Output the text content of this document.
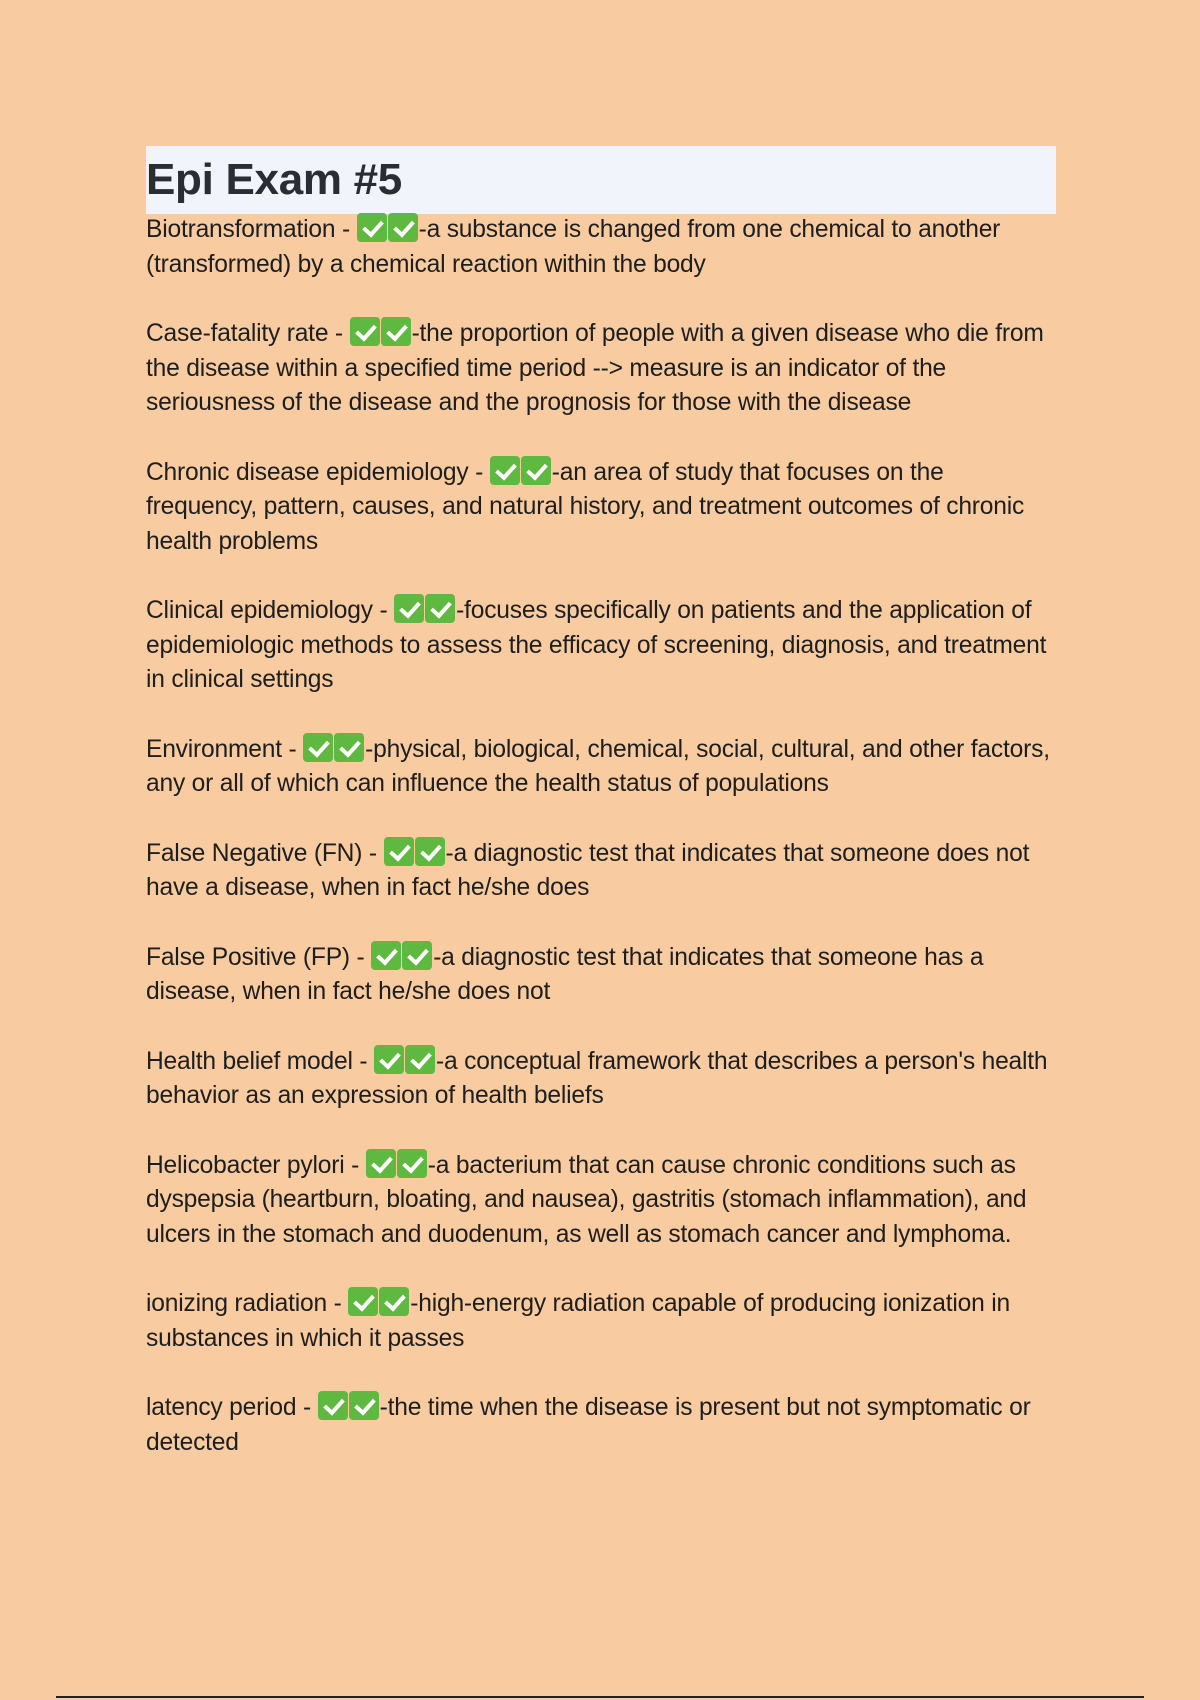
Epi Exam #5

Biotransformation -	-a substance is changed from one chemical to another (transformed) by a chemical reaction within the body

Case-fatality rate -	-the proportion of people with a given disease who die from the disease within a specified time period --> measure is an indicator of the seriousness of the disease and the prognosis for those with the disease

Chronic disease epidemiology -	-an area of study that focuses on the frequency, pattern, causes, and natural history, and treatment outcomes of chronic health problems

Clinical epidemiology -	-focuses specifically on patients and the application of epidemiologic methods to assess the efficacy of screening, diagnosis, and treatment in clinical settings

Environment -	-physical, biological, chemical, social, cultural, and other factors, any or all of which can influence the health status of populations

False Negative (FN) -	-a diagnostic test that indicates that someone does not have a disease, when in fact he/she does

False Positive (FP) -	-a diagnostic test that indicates that someone has a disease, when in fact he/she does not

Health belief model -	-a conceptual framework that describes a person's health behavior as an expression of health beliefs

Helicobacter pylori -	-a bacterium that can cause chronic conditions such as dyspepsia (heartburn, bloating, and nausea), gastritis (stomach inflammation), and ulcers in the stomach and duodenum, as well as stomach cancer and lymphoma.

ionizing radiation -	-high-energy radiation capable of producing ionization in substances in which it passes

latency period -	-the time when the disease is present but not symptomatic or detected
